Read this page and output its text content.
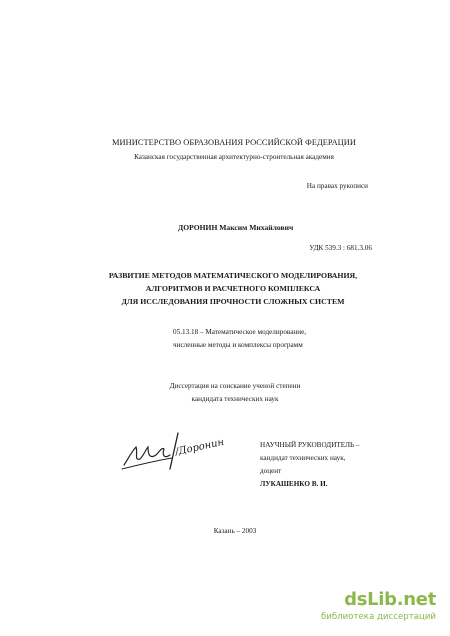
МИНИСТЕРСТВО ОБРАЗОВАНИЯ РОССИЙСКОЙ ФЕДЕРАЦИИ
Казанская государственная архитектурно-строительная академия
На правах рукописи
ДОРОНИН Максим Михайлович
УДК 539.3 : 681.3.06
РАЗВИТИЕ МЕТОДОВ МАТЕМАТИЧЕСКОГО МОДЕЛИРОВАНИЯ,
АЛГОРИТМОВ И РАСЧЕТНОГО КОМПЛЕКСА
ДЛЯ ИССЛЕДОВАНИЯ ПРОЧНОСТИ СЛОЖНЫХ СИСТЕМ
05.13.18 – Математическое моделирование,
численные методы и комплексы программ
Диссертация на соискание ученой степени
кандидата технических наук
/Доронин	НАУЧНЫЙ РУКОВОДИТЕЛЬ –
кандидат технических наук,
доцент
ЛУКАШЕНКО В. И.
Казань – 2003
dsLib.net
библиотека диссертаций
